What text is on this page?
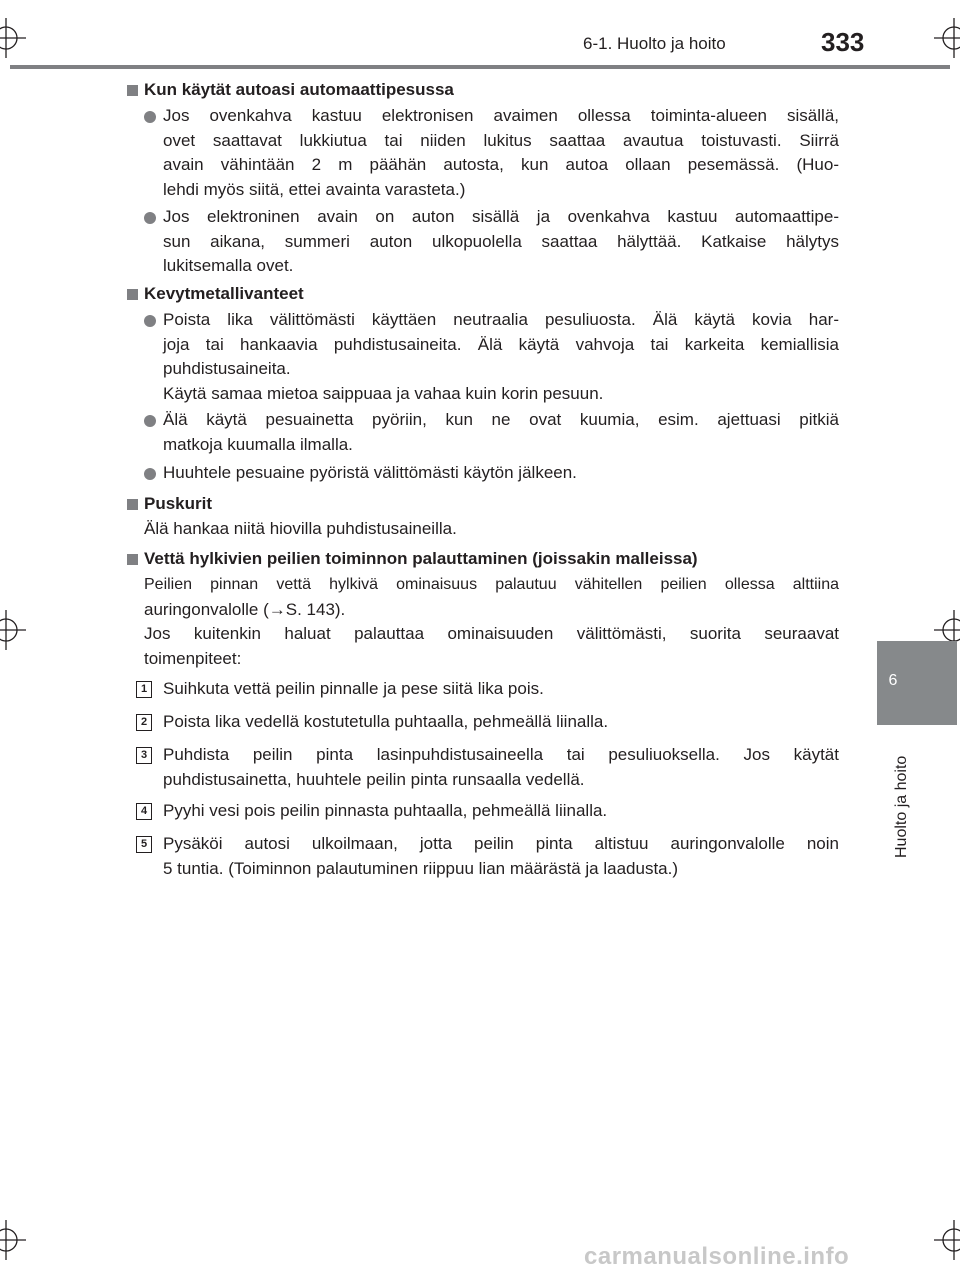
6-1. Huolto ja hoito	333
6
Huolto ja hoito
Kun käytät autoasi automaattipesussa
Jos ovenkahva kastuu elektronisen avaimen ollessa toiminta-alueen sisällä,
ovet saattavat lukkiutua tai niiden lukitus saattaa avautua toistuvasti. Siirrä
avain vähintään 2 m päähän autosta, kun autoa ollaan pesemässä. (Huo-
lehdi myös siitä, ettei avainta varasteta.)
Jos elektroninen avain on auton sisällä ja ovenkahva kastuu automaattipe-
sun aikana, summeri auton ulkopuolella saattaa hälyttää. Katkaise hälytys
lukitsemalla ovet.
Kevytmetallivanteet
Poista lika välittömästi käyttäen neutraalia pesuliuosta. Älä käytä kovia har-
joja tai hankaavia puhdistusaineita. Älä käytä vahvoja tai karkeita kemiallisia
puhdistusaineita.
Käytä samaa mietoa saippuaa ja vahaa kuin korin pesuun.
Älä käytä pesuainetta pyöriin, kun ne ovat kuumia, esim. ajettuasi pitkiä
matkoja kuumalla ilmalla.
Huuhtele pesuaine pyöristä välittömästi käytön jälkeen.
Puskurit
Älä hankaa niitä hiovilla puhdistusaineilla.
Vettä hylkivien peilien toiminnon palauttaminen (joissakin malleissa)
Peilien pinnan vettä hylkivä ominaisuus palautuu vähitellen peilien ollessa alttiina
auringonvalolle (→S. 143).
Jos kuitenkin haluat palauttaa ominaisuuden välittömästi, suorita seuraavat
toimenpiteet:
1 Suihkuta vettä peilin pinnalle ja pese siitä lika pois.
2 Poista lika vedellä kostutetulla puhtaalla, pehmeällä liinalla.
3 Puhdista peilin pinta lasinpuhdistusaineella tai pesuliuoksella. Jos käytät
puhdistusainetta, huuhtele peilin pinta runsaalla vedellä.
4 Pyyhi vesi pois peilin pinnasta puhtaalla, pehmeällä liinalla.
5 Pysäköi autosi ulkoilmaan, jotta peilin pinta altistuu auringonvalolle noin
5 tuntia. (Toiminnon palautuminen riippuu lian määrästä ja laadusta.)
carmanualsonline.info
